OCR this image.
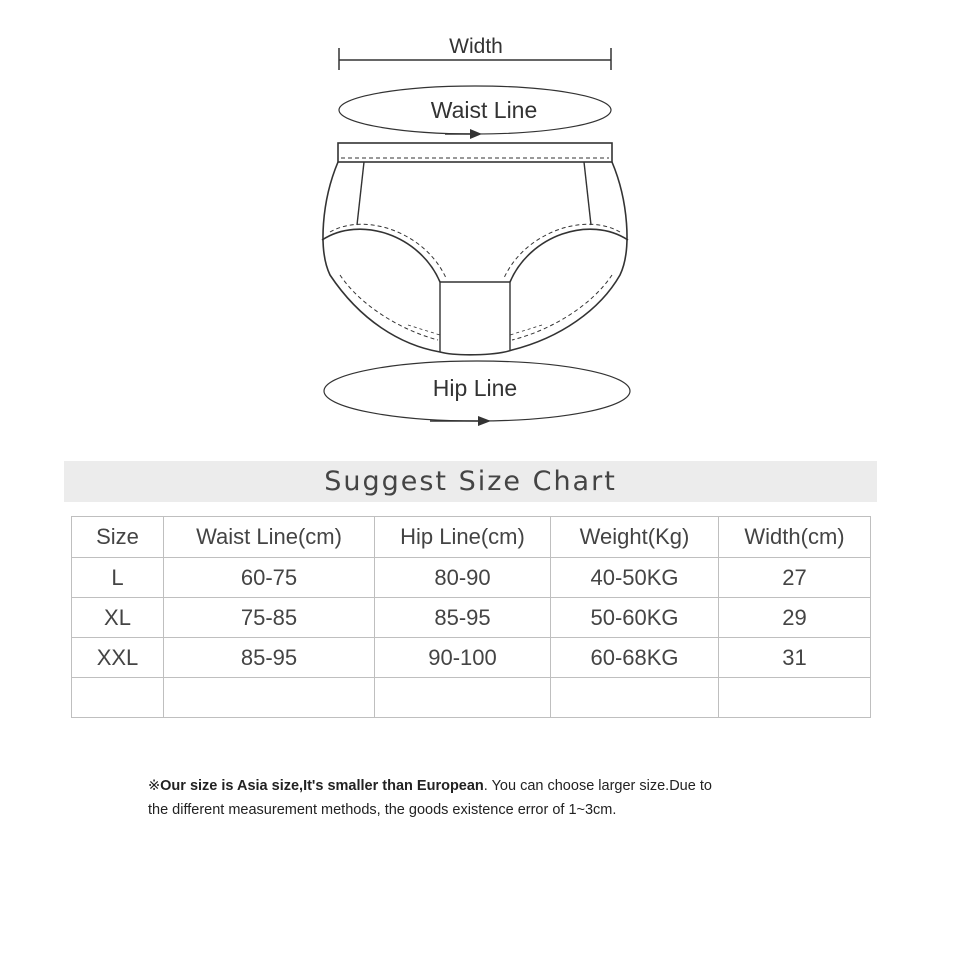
Width
Waist Line
Hip Line
Suggest Size Chart
Size	Waist Line(cm)	Hip Line(cm)	Weight(Kg)	Width(cm)
L	60-75	80-90	40-50KG	27
XL	75-85	85-95	50-60KG	29
XXL	85-95	90-100	60-68KG	31

※Our size is Asia size,It's smaller than European. You can choose larger size.Due to

the different measurement methods, the goods existence error of 1~3cm.
